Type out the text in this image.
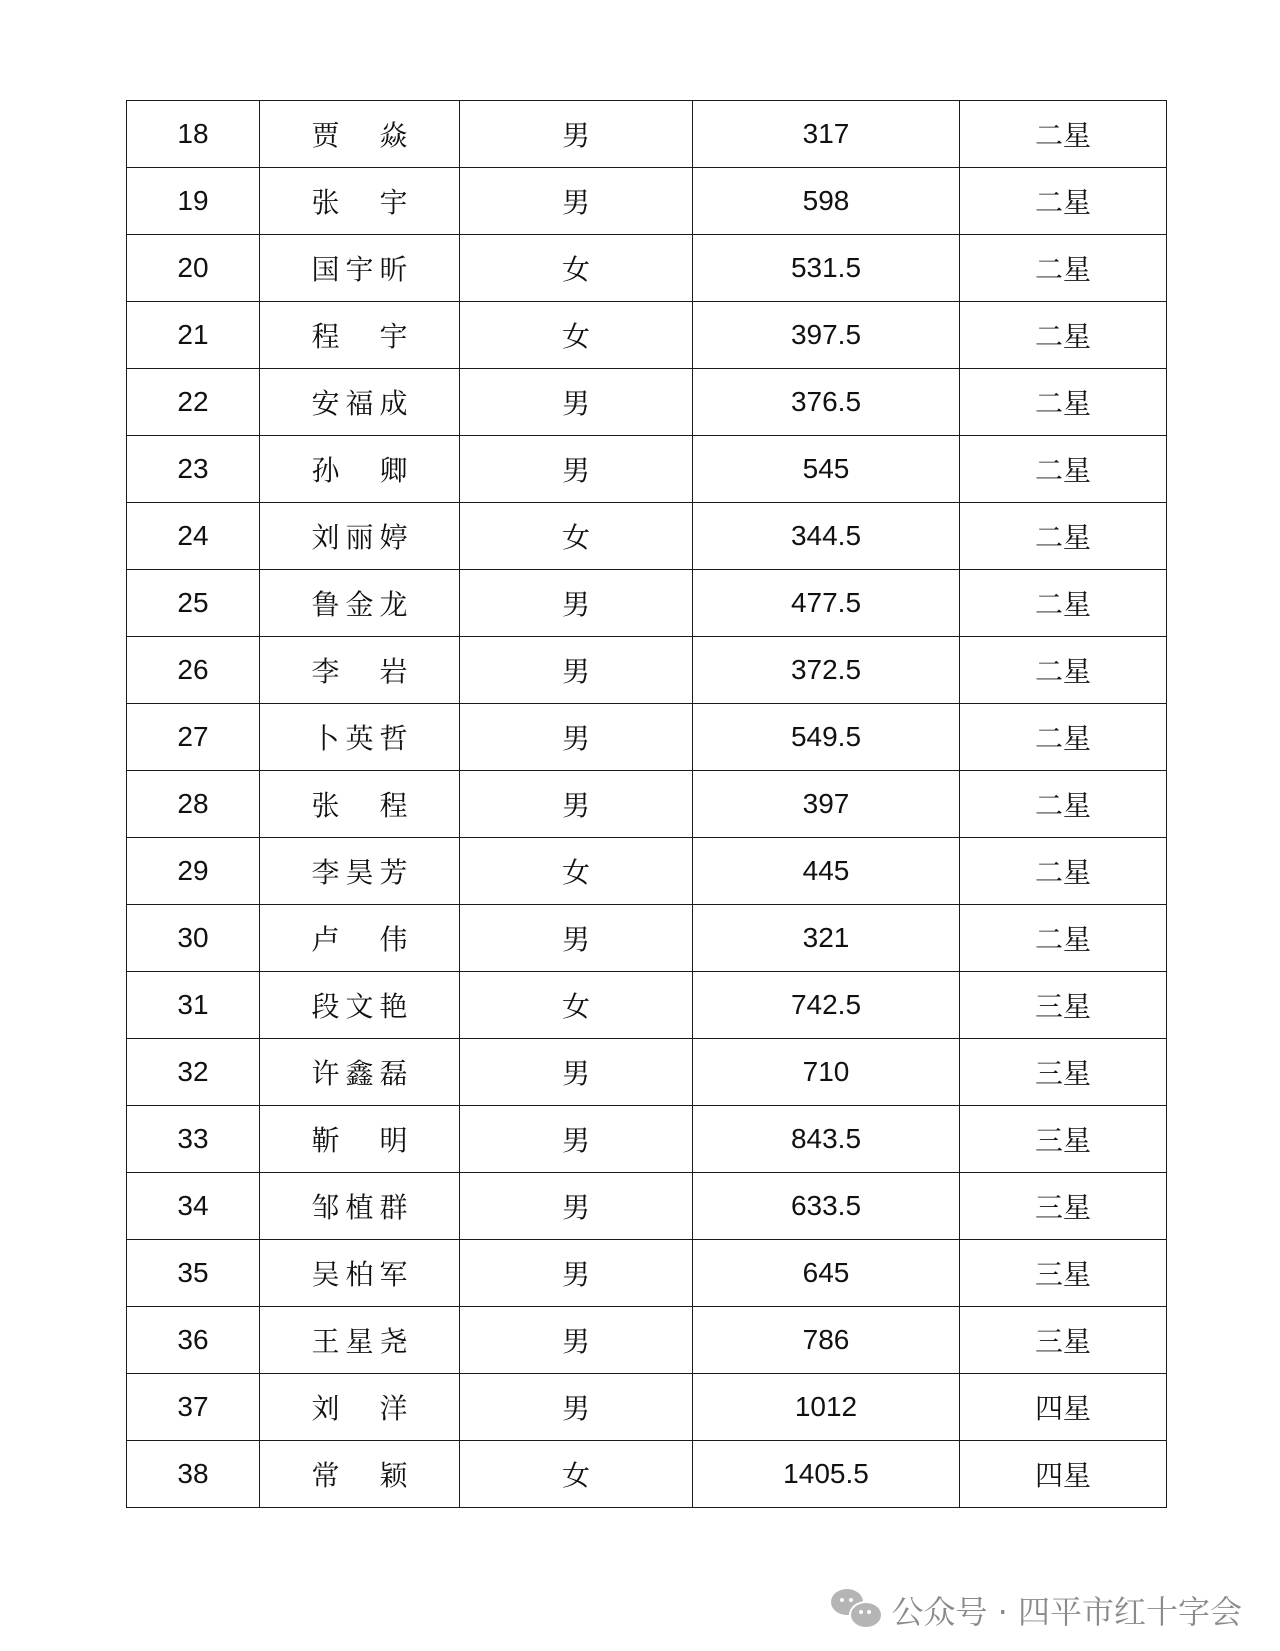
18	贾焱	男	317	二星
19	张宇	男	598	二星
20	国宇昕	女	531.5	二星
21	程宇	女	397.5	二星
22	安福成	男	376.5	二星
23	孙卿	男	545	二星
24	刘丽婷	女	344.5	二星
25	鲁金龙	男	477.5	二星
26	李岩	男	372.5	二星
27	卜英哲	男	549.5	二星
28	张程	男	397	二星
29	李昊芳	女	445	二星
30	卢伟	男	321	二星
31	段文艳	女	742.5	三星
32	许鑫磊	男	710	三星
33	靳明	男	843.5	三星
34	邹植群	男	633.5	三星
35	吴柏军	男	645	三星
36	王星尧	男	786	三星
37	刘洋	男	1012	四星
38	常颖	女	1405.5	四星
公众号 · 四平市红十字会
